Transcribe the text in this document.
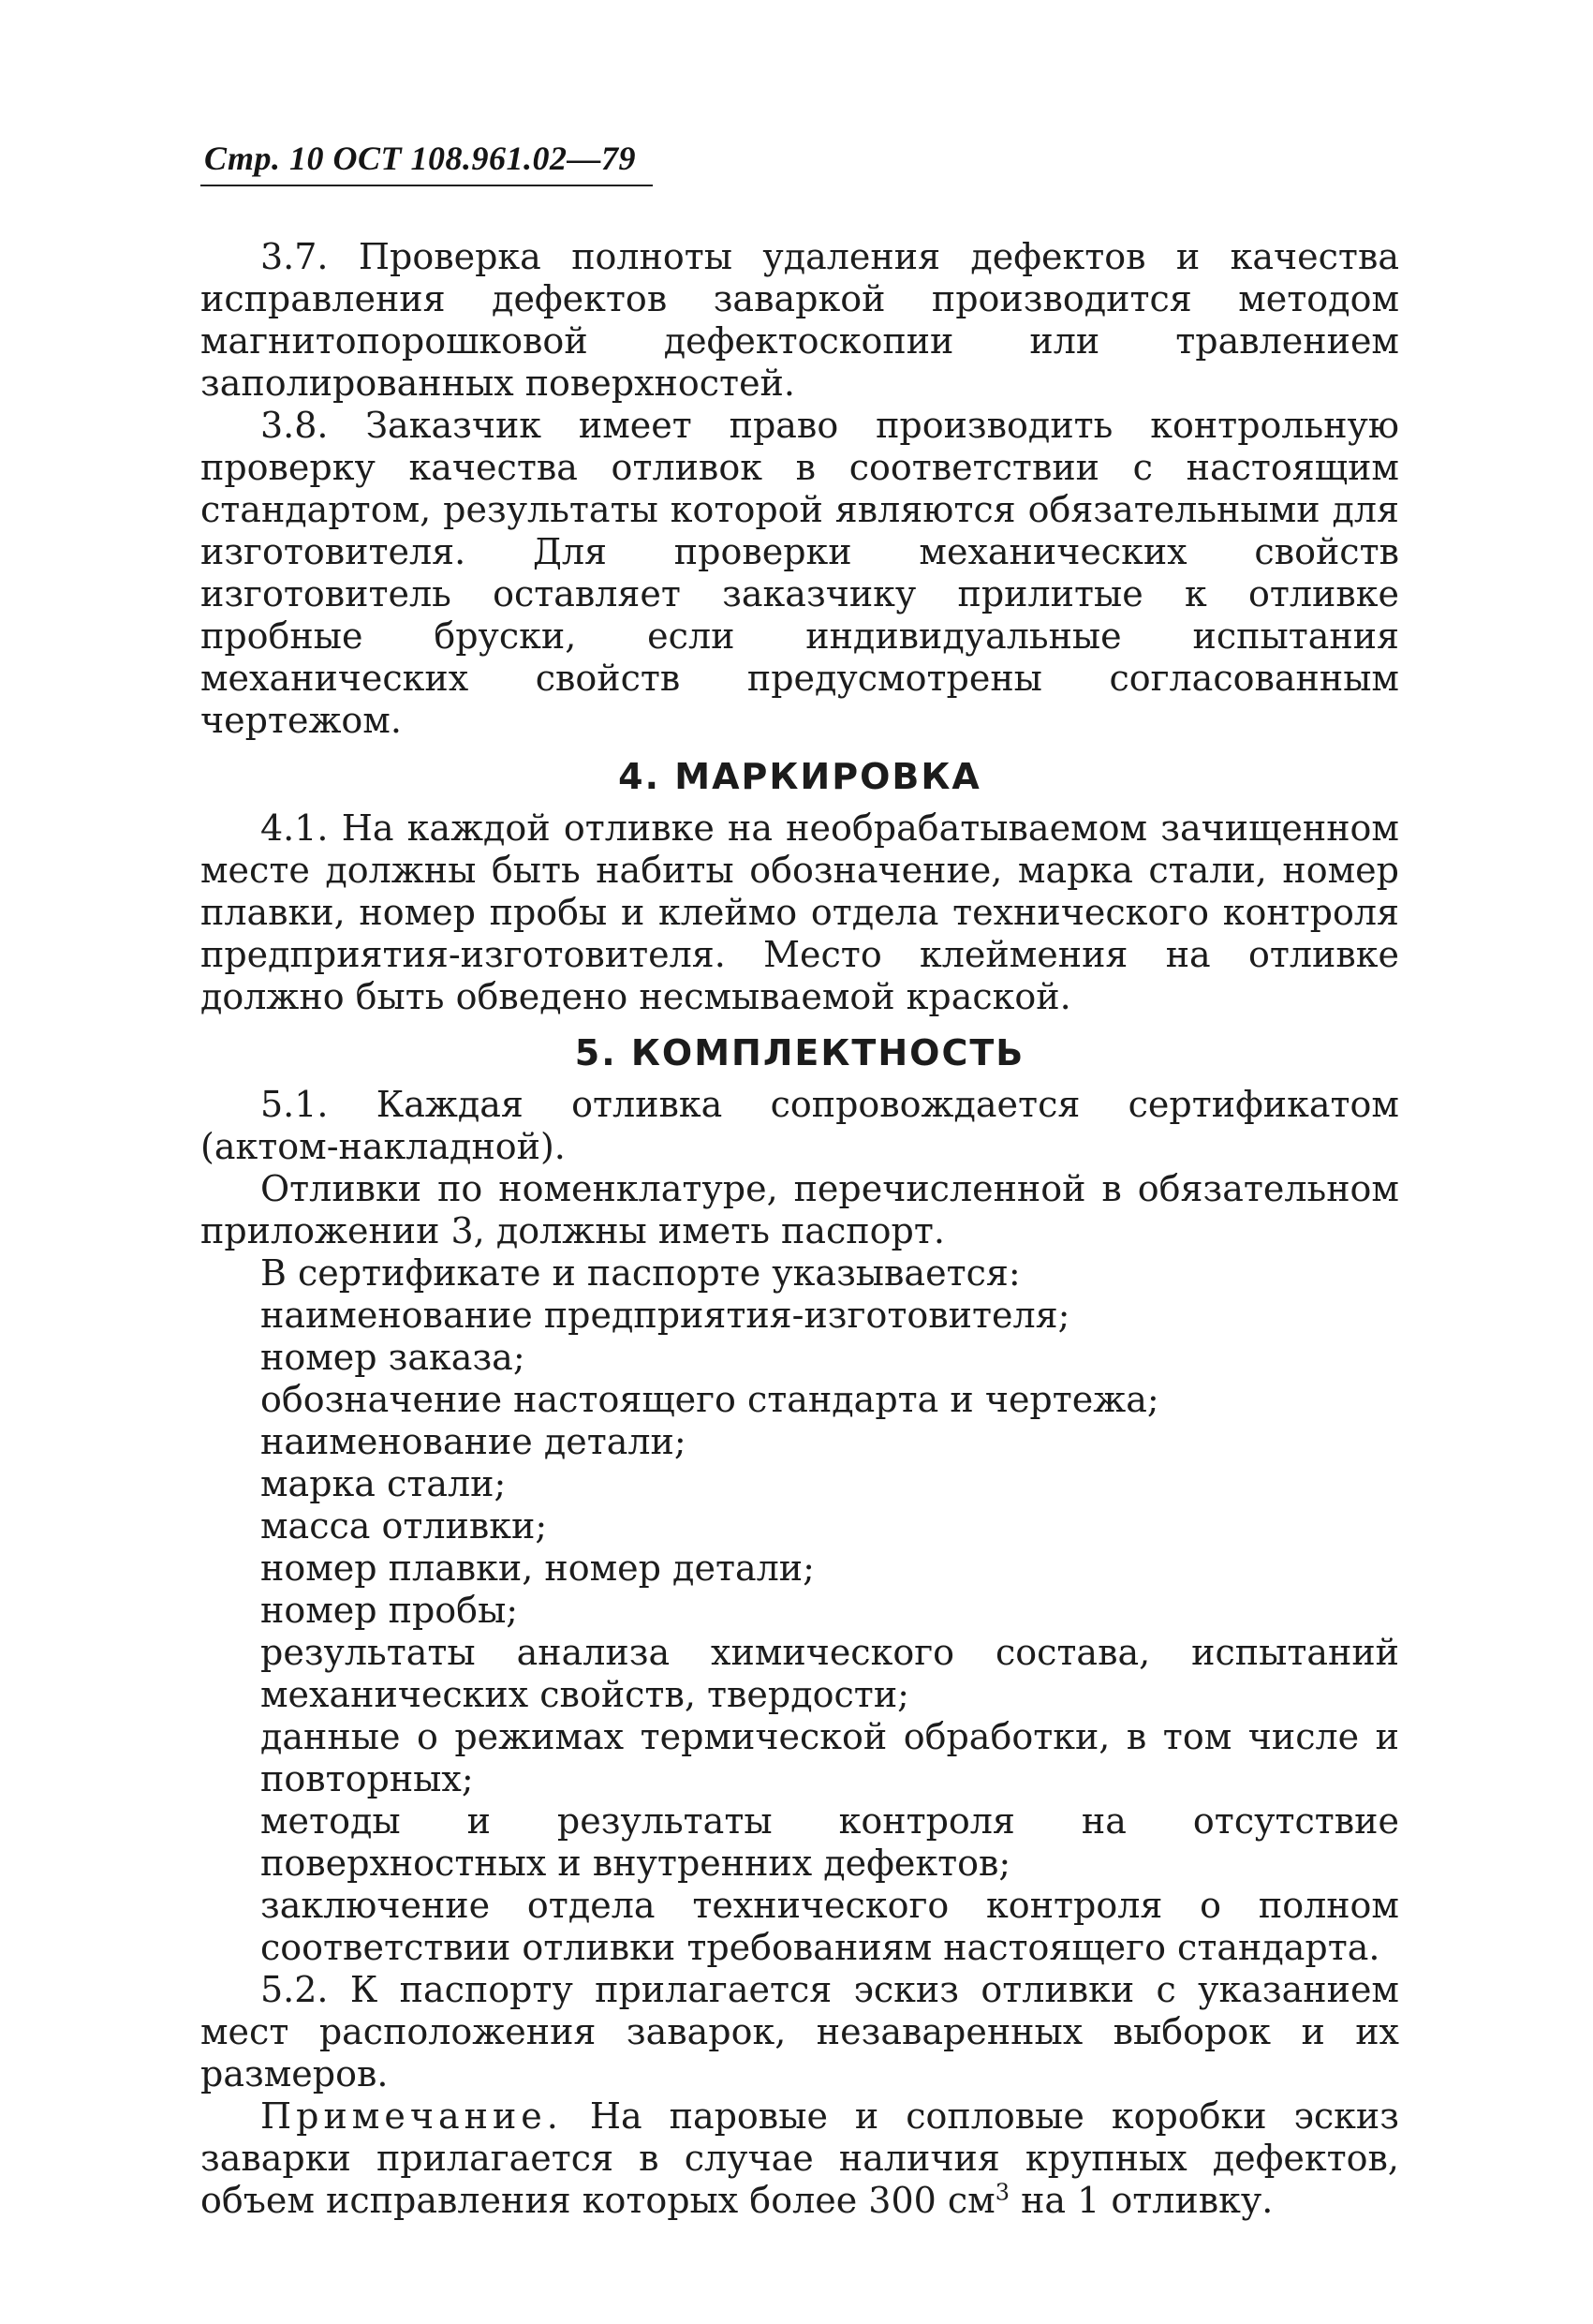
Стр. 10 ОСТ 108.961.02—79

3.7. Проверка полноты удаления дефектов и качества исправления дефектов заваркой производится методом магнитопорошковой дефектоскопии или травлением заполированных поверхностей.

3.8. Заказчик имеет право производить контрольную проверку качества отливок в соответствии с настоящим стандартом, результаты которой являются обязательными для изготовителя. Для проверки механических свойств изготовитель оставляет заказчику прилитые к отливке пробные бруски, если индивидуальные испытания механических свойств предусмотрены согласованным чертежом.

4. МАРКИРОВКА

4.1. На каждой отливке на необрабатываемом зачищенном месте должны быть набиты обозначение, марка стали, номер плавки, номер пробы и клеймо отдела технического контроля предприятия-изготовителя. Место клеймения на отливке должно быть обведено несмываемой краской.

5. КОМПЛЕКТНОСТЬ

5.1. Каждая отливка сопровождается сертификатом (актом-накладной).

Отливки по номенклатуре, перечисленной в обязательном приложении 3, должны иметь паспорт.

В сертификате и паспорте указывается:

наименование предприятия-изготовителя;

номер заказа;

обозначение настоящего стандарта и чертежа;

наименование детали;

марка стали;

масса отливки;

номер плавки, номер детали;

номер пробы;

результаты анализа химического состава, испытаний механических свойств, твердости;

данные о режимах термической обработки, в том числе и повторных;

методы и результаты контроля на отсутствие поверхностных и внутренних дефектов;

заключение отдела технического контроля о полном соответствии отливки требованиям настоящего стандарта.

5.2. К паспорту прилагается эскиз отливки с указанием мест расположения заварок, незаваренных выборок и их размеров.

Примечание. На паровые и сопловые коробки эскиз заварки прилагается в случае наличия крупных дефектов, объем исправления которых более 300 $см^3$ на 1 отливку.
